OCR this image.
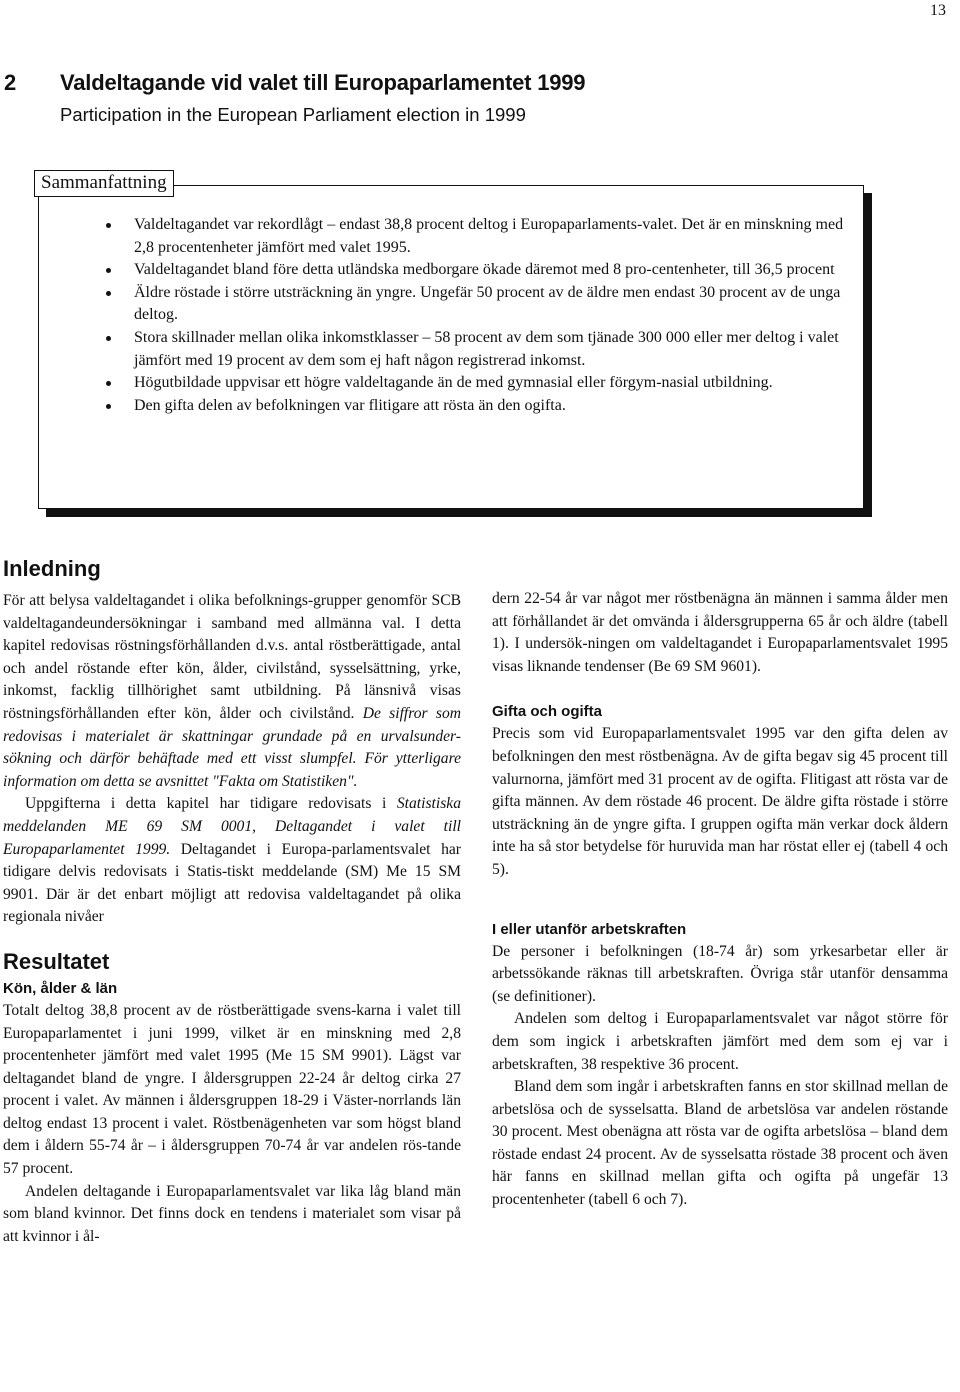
13
2 Valdeltagande vid valet till Europaparlamentet 1999
Participation in the European Parliament election in 1999
Sammanfattning
Valdeltagandet var rekordlågt – endast 38,8 procent deltog i Europaparlaments-valet. Det är en minskning med 2,8 procentenheter jämfört med valet 1995.
Valdeltagandet bland före detta utländska medborgare ökade däremot med 8 pro-centenheter, till 36,5 procent
Äldre röstade i större utsträckning än yngre. Ungefär 50 procent av de äldre men endast 30 procent av de unga deltog.
Stora skillnader mellan olika inkomstklasser – 58 procent av dem som tjänade 300 000 eller mer deltog i valet jämfört med 19 procent av dem som ej haft någon registrerad inkomst.
Högutbildade uppvisar ett högre valdeltagande än de med gymnasial eller förgym-nasial utbildning.
Den gifta delen av befolkningen var flitigare att rösta än den ogifta.
Inledning

För att belysa valdeltagandet i olika befolknings-grupper genomför SCB valdeltagandeundersökningar i samband med allmänna val. I detta kapitel redovisas röstningsförhållanden d.v.s. antal röstberättigade, antal och andel röstande efter kön, ålder, civilstånd, sysselsättning, yrke, inkomst, facklig tillhörighet samt utbildning. På länsnivå visas röstningsförhållanden efter kön, ålder och civilstånd. De siffror som redovisas i materialet är skattningar grundade på en urvalsunder-sökning och därför behäftade med ett visst slumpfel. För ytterligare information om detta se avsnittet "Fakta om Statistiken".

Uppgifterna i detta kapitel har tidigare redovisats i Statistiska meddelanden ME 69 SM 0001, Deltagandet i valet till Europaparlamentet 1999. Deltagandet i Europa-parlamentsvalet har tidigare delvis redovisats i Statis-tiskt meddelande (SM) Me 15 SM 9901. Där är det enbart möjligt att redovisa valdeltagandet på olika regionala nivåer

Resultatet
Kön, ålder & län

Totalt deltog 38,8 procent av de röstberättigade svens-karna i valet till Europaparlamentet i juni 1999, vilket är en minskning med 2,8 procentenheter jämfört med valet 1995 (Me 15 SM 9901). Lägst var deltagandet bland de yngre. I åldersgruppen 22-24 år deltog cirka 27 procent i valet. Av männen i åldersgruppen 18-29 i Väster-norrlands län deltog endast 13 procent i valet. Röstbenägenheten var som högst bland dem i åldern 55-74 år – i åldersgruppen 70-74 år var andelen rös-tande 57 procent.

Andelen deltagande i Europaparlamentsvalet var lika låg bland män som bland kvinnor. Det finns dock en tendens i materialet som visar på att kvinnor i ål-

dern 22-54 år var något mer röstbenägna än männen i samma ålder men att förhållandet är det omvända i åldersgrupperna 65 år och äldre (tabell 1). I undersök-ningen om valdeltagandet i Europaparlamentsvalet 1995 visas liknande tendenser (Be 69 SM 9601).

Gifta och ogifta

Precis som vid Europaparlamentsvalet 1995 var den gifta delen av befolkningen den mest röstbenägna. Av de gifta begav sig 45 procent till valurnorna, jämfört med 31 procent av de ogifta. Flitigast att rösta var de gifta männen. Av dem röstade 46 procent. De äldre gifta röstade i större utsträckning än de yngre gifta. I gruppen ogifta män verkar dock åldern inte ha så stor betydelse för huruvida man har röstat eller ej (tabell 4 och 5).

I eller utanför arbetskraften

De personer i befolkningen (18-74 år) som yrkesarbetar eller är arbetssökande räknas till arbetskraften. Övriga står utanför densamma (se definitioner).

Andelen som deltog i Europaparlamentsvalet var något större för dem som ingick i arbetskraften jämfört med dem som ej var i arbetskraften, 38 respektive 36 procent.

Bland dem som ingår i arbetskraften fanns en stor skillnad mellan de arbetslösa och de sysselsatta. Bland de arbetslösa var andelen röstande 30 procent. Mest obenägna att rösta var de ogifta arbetslösa – bland dem röstade endast 24 procent. Av de sysselsatta röstade 38 procent och även här fanns en skillnad mellan gifta och ogifta på ungefär 13 procentenheter (tabell 6 och 7).
